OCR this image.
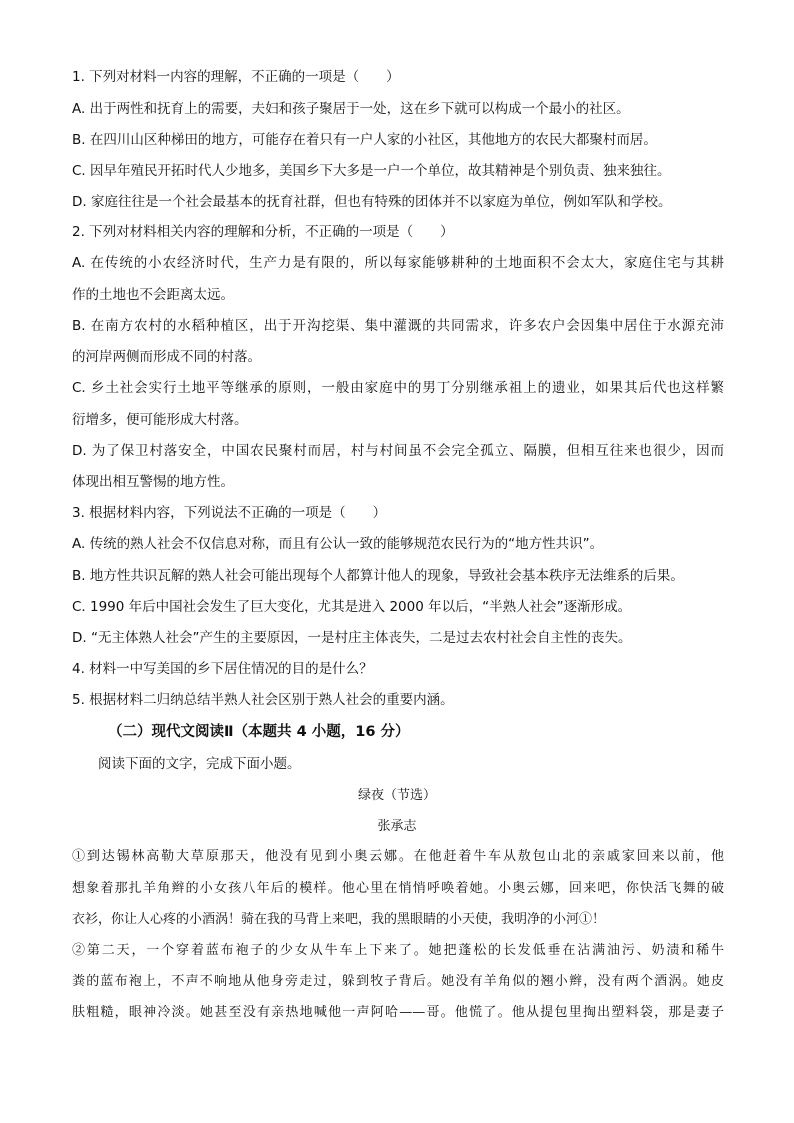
1. 下列对材料一内容的理解，不正确的一项是（　　）
A. 出于两性和抚育上的需要，夫妇和孩子聚居于一处，这在乡下就可以构成一个最小的社区。
B. 在四川山区种梯田的地方，可能存在着只有一户人家的小社区，其他地方的农民大都聚村而居。
C. 因早年殖民开拓时代人少地多，美国乡下大多是一户一个单位，故其精神是个别负责、独来独往。
D. 家庭往往是一个社会最基本的抚育社群，但也有特殊的团体并不以家庭为单位，例如军队和学校。
2. 下列对材料相关内容的理解和分析，不正确的一项是（　　）
A. 在传统的小农经济时代，生产力是有限的，所以每家能够耕种的土地面积不会太大，家庭住宅与其耕
作的土地也不会距离太远。
B. 在南方农村的水稻种植区，出于开沟挖渠、集中灌溉的共同需求，许多农户会因集中居住于水源充沛
的河岸两侧而形成不同的村落。
C. 乡土社会实行土地平等继承的原则，一般由家庭中的男丁分别继承祖上的遗业，如果其后代也这样繁
衍增多，便可能形成大村落。
D. 为了保卫村落安全，中国农民聚村而居，村与村间虽不会完全孤立、隔膜，但相互往来也很少，因而
体现出相互警惕的地方性。
3. 根据材料内容，下列说法不正确的一项是（　　）
A. 传统的熟人社会不仅信息对称，而且有公认一致的能够规范农民行为的“地方性共识”。
B. 地方性共识瓦解的熟人社会可能出现每个人都算计他人的现象，导致社会基本秩序无法维系的后果。
C. 1990 年后中国社会发生了巨大变化，尤其是进入 2000 年以后，“半熟人社会”逐渐形成。
D. “无主体熟人社会”产生的主要原因，一是村庄主体丧失，二是过去农村社会自主性的丧失。
4. 材料一中写美国的乡下居住情况的目的是什么？
5. 根据材料二归纳总结半熟人社会区别于熟人社会的重要内涵。
（二）现代文阅读Ⅱ（本题共 4 小题，16 分）
阅读下面的文字，完成下面小题。
绿夜（节选）
张承志
①到达锡林高勒大草原那天，他没有见到小奥云娜。在他赶着牛车从敖包山北的亲戚家回来以前，他
想象着那扎羊角辫的小女孩八年后的模样。他心里在悄悄呼唤着她。小奥云娜，回来吧，你快活飞舞的破
衣衫，你让人心疼的小酒涡！骑在我的马背上来吧，我的黑眼睛的小天使，我明净的小河①！
②第二天，一个穿着蓝布袍子的少女从牛车上下来了。她把蓬松的长发低垂在沾满油污、奶渍和稀牛
粪的蓝布袍上，不声不响地从他身旁走过，躲到牧子背后。她没有羊角似的翘小辫，没有两个酒涡。她皮
肤粗糙，眼神冷淡。她甚至没有亲热地喊他一声阿哈——哥。他慌了。他从提包里掏出塑料袋，那是妻子
